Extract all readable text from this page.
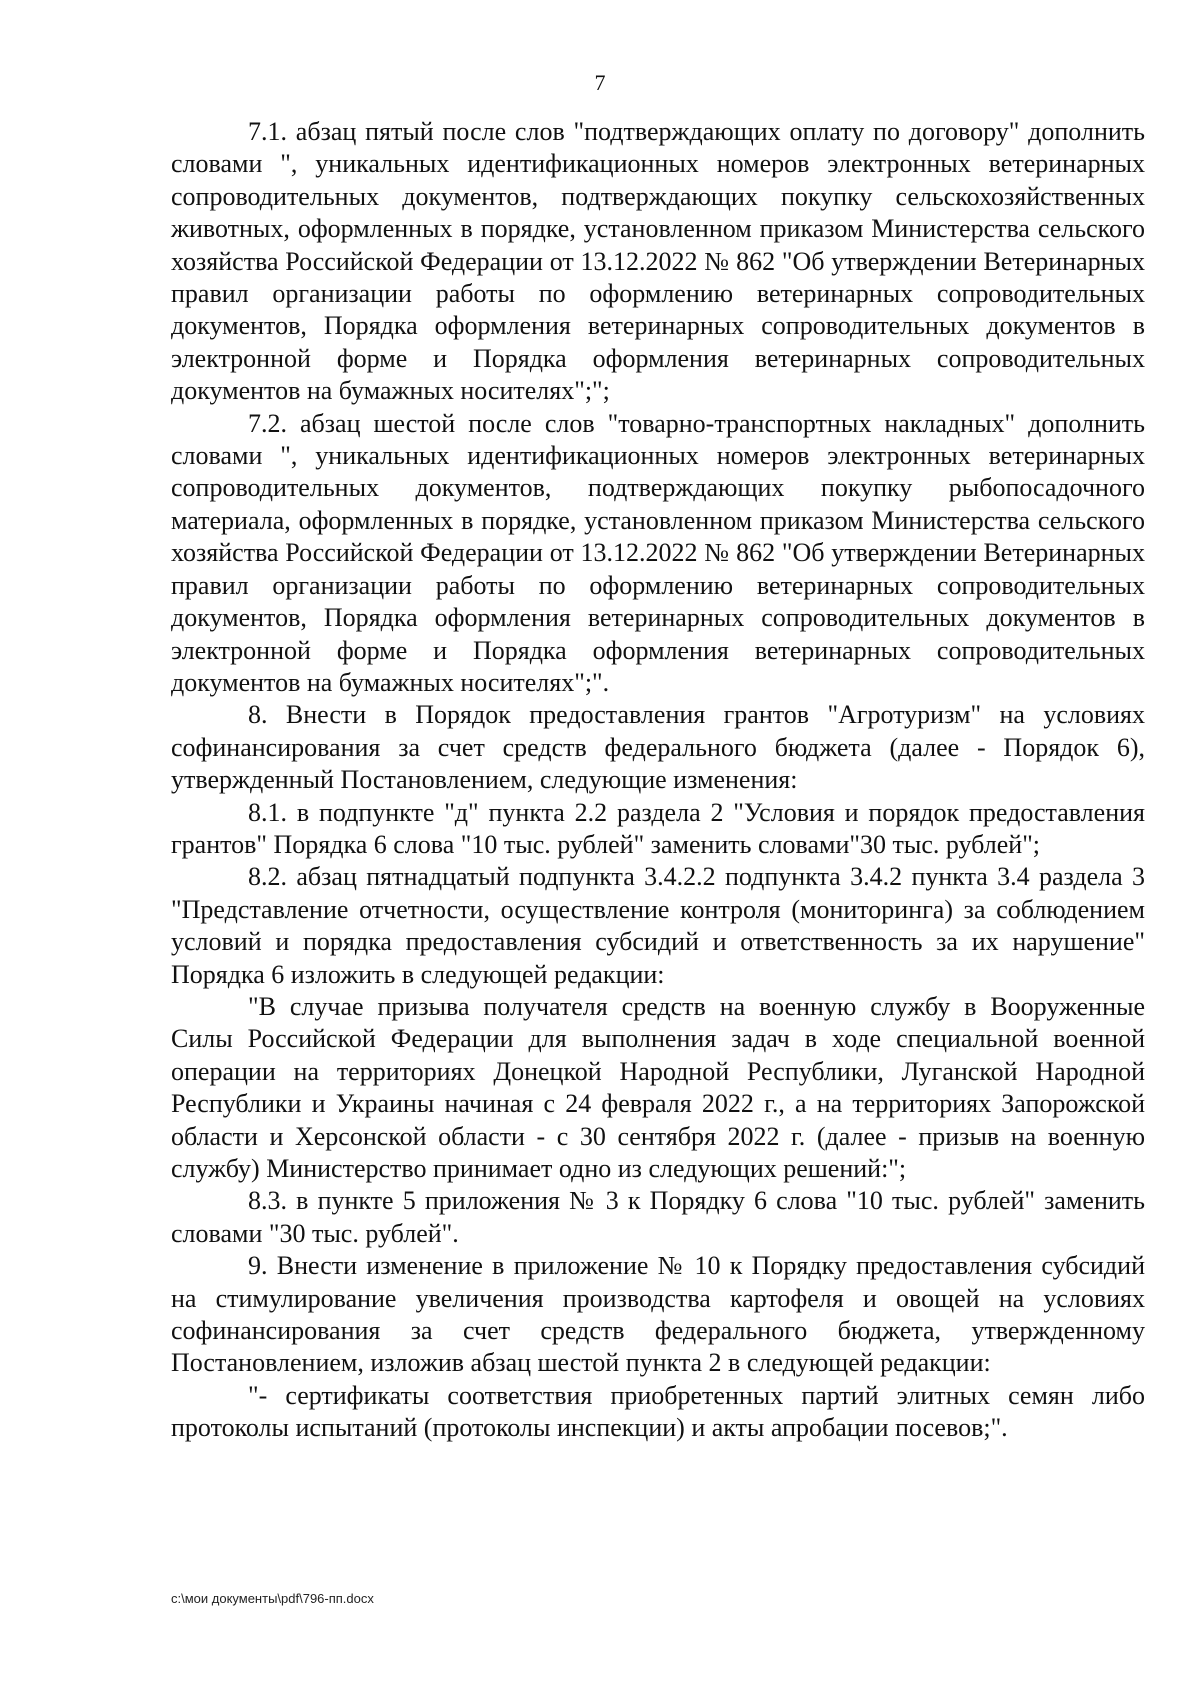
7

7.1. абзац пятый после слов "подтверждающих оплату по договору" дополнить словами ", уникальных идентификационных номеров электронных ветеринарных сопроводительных документов, подтверждающих покупку сельскохозяйственных животных, оформленных в порядке, установленном приказом Министерства сельского хозяйства Российской Федерации от 13.12.2022 № 862 "Об утверждении Ветеринарных правил организации работы по оформлению ветеринарных сопроводительных документов, Порядка оформления ветеринарных сопроводительных документов в электронной форме и Порядка оформления ветеринарных сопроводительных документов на бумажных носителях";";

7.2. абзац шестой после слов "товарно-транспортных накладных" дополнить словами ", уникальных идентификационных номеров электронных ветеринарных сопроводительных документов, подтверждающих покупку рыбопосадочного материала, оформленных в порядке, установленном приказом Министерства сельского хозяйства Российской Федерации от 13.12.2022 № 862 "Об утверждении Ветеринарных правил организации работы по оформлению ветеринарных сопроводительных документов, Порядка оформления ветеринарных сопроводительных документов в электронной форме и Порядка оформления ветеринарных сопроводительных документов на бумажных носителях";".

8. Внести в Порядок предоставления грантов "Агротуризм" на условиях софинансирования за счет средств федерального бюджета (далее - Порядок 6), утвержденный Постановлением, следующие изменения:

8.1. в подпункте "д" пункта 2.2 раздела 2 "Условия и порядок предоставления грантов" Порядка 6 слова "10 тыс. рублей" заменить словами"30 тыс. рублей";

8.2. абзац пятнадцатый подпункта 3.4.2.2 подпункта 3.4.2 пункта 3.4 раздела 3 "Представление отчетности, осуществление контроля (мониторинга) за соблюдением условий и порядка предоставления субсидий и ответственность за их нарушение" Порядка 6 изложить в следующей редакции:

"В случае призыва получателя средств на военную службу в Вооруженные Силы Российской Федерации для выполнения задач в ходе специальной военной операции на территориях Донецкой Народной Республики, Луганской Народной Республики и Украины начиная с 24 февраля 2022 г., а на территориях Запорожской области и Херсонской области - с 30 сентября 2022 г. (далее - призыв на военную службу) Министерство принимает одно из следующих решений:";

8.3. в пункте 5 приложения № 3 к Порядку 6 слова "10 тыс. рублей" заменить словами "30 тыс. рублей".

9. Внести изменение в приложение № 10 к Порядку предоставления субсидий на стимулирование увеличения производства картофеля и овощей на условиях софинансирования за счет средств федерального бюджета, утвержденному Постановлением, изложив абзац шестой пункта 2 в следующей редакции:

"- сертификаты соответствия приобретенных партий элитных семян либо протоколы испытаний (протоколы инспекции) и акты апробации посевов;".

c:\мои документы\pdf\796-пп.docx
